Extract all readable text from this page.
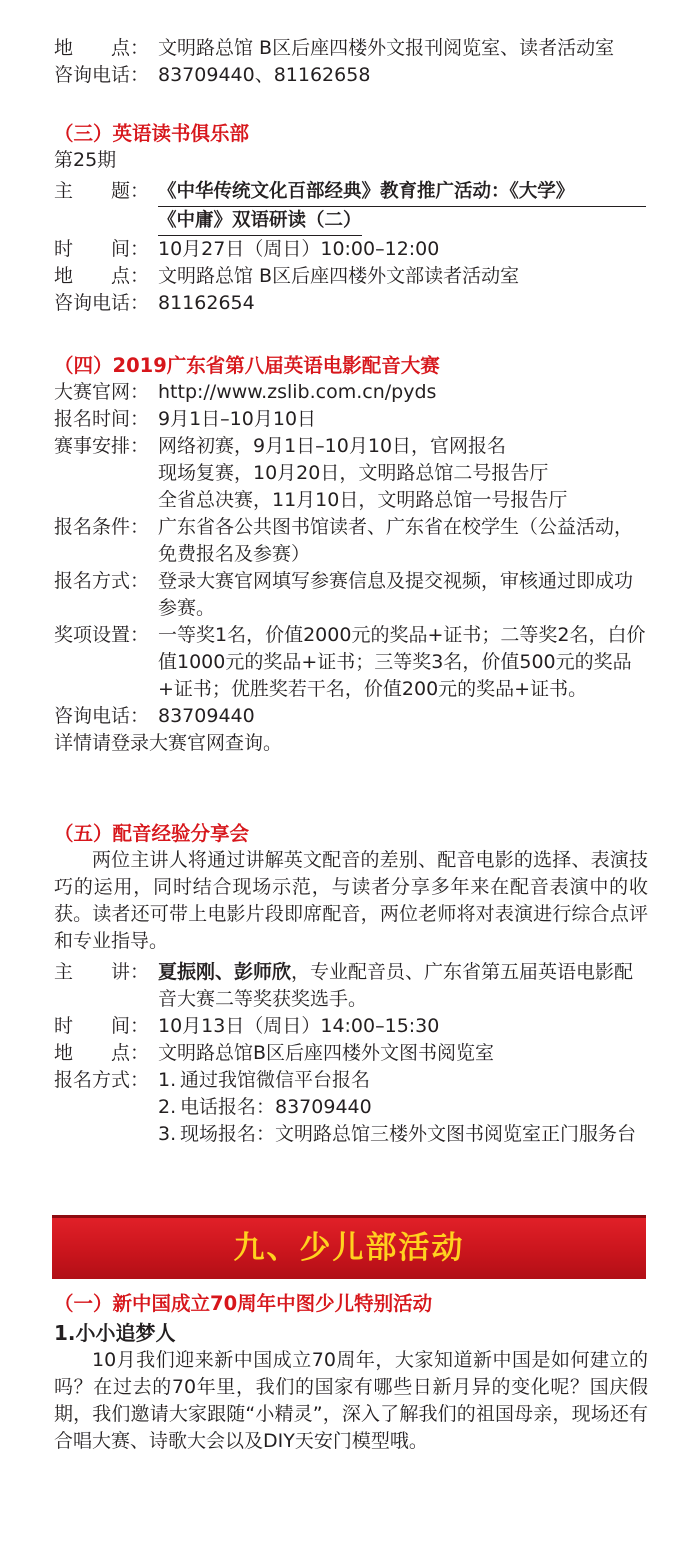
地　　点： 文明路总馆 B区后座四楼外文报刊阅览室、读者活动室
咨询电话： 83709440、81162658
（三）英语读书俱乐部
第25期
主　　题： 《中华传统文化百部经典》教育推广活动：《大学》
《中庸》双语研读（二）
时　　间： 10月27日（周日）10:00–12:00
地　　点： 文明路总馆 B区后座四楼外文部读者活动室
咨询电话： 81162654
（四）2019广东省第八届英语电影配音大赛
大赛官网： http://www.zslib.com.cn/pyds
报名时间： 9月1日–10月10日
赛事安排： 网络初赛，9月1日–10月10日，官网报名
现场复赛，10月20日，文明路总馆二号报告厅
全省总决赛，11月10日，文明路总馆一号报告厅
报名条件： 广东省各公共图书馆读者、广东省在校学生（公益活动，免费报名及参赛）
报名方式： 登录大赛官网填写参赛信息及提交视频，审核通过即成功参赛。
奖项设置： 一等奖1名，价值2000元的奖品+证书；二等奖2名，白价值1000元的奖品+证书；三等奖3名，价值500元的奖品+证书；优胜奖若干名，价值200元的奖品+证书。
咨询电话： 83709440
详情请登录大赛官网查询。
（五）配音经验分享会
两位主讲人将通过讲解英文配音的差别、配音电影的选择、表演技巧的运用，同时结合现场示范，与读者分享多年来在配音表演中的收获。读者还可带上电影片段即席配音，两位老师将对表演进行综合点评和专业指导。
主　　讲： 夏振刚、彭师欣，专业配音员、广东省第五届英语电影配音大赛二等奖获奖选手。
时　　间： 10月13日（周日）14:00–15:30
地　　点： 文明路总馆B区后座四楼外文图书阅览室
报名方式： 1. 通过我馆微信平台报名
2. 电话报名：83709440
3. 现场报名：文明路总馆三楼外文图书阅览室正门服务台
九、少儿部活动
（一）新中国成立70周年中图少儿特别活动
1.小小追梦人
10月我们迎来新中国成立70周年，大家知道新中国是如何建立的吗？在过去的70年里，我们的国家有哪些日新月异的变化呢？国庆假期，我们邀请大家跟随“小精灵”，深入了解我们的祖国母亲，现场还有合唱大赛、诗歌大会以及DIY天安门模型哦。
